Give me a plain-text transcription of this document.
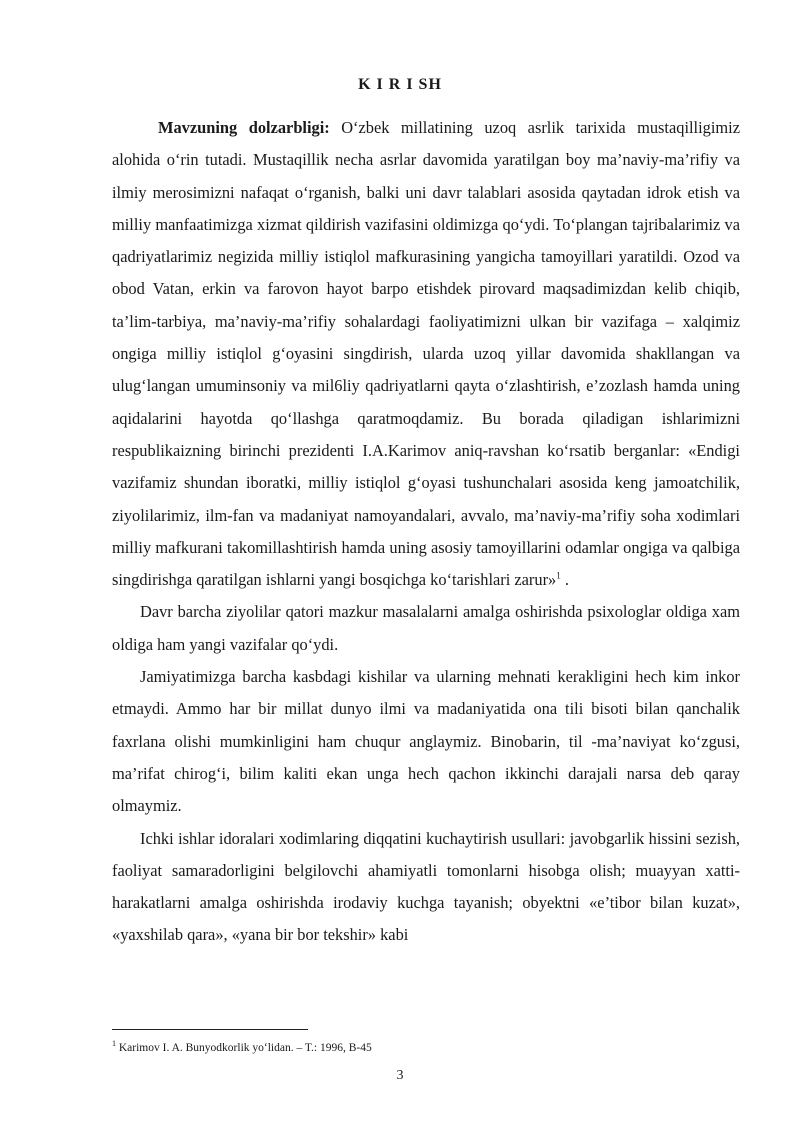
K I R I SH

Mavzuning dolzarbligi: O‘zbek millatining uzoq asrlik tarixida mustaqilligimiz alohida o‘rin tutadi. Mustaqillik necha asrlar davomida yaratilgan boy ma’naviy-ma’rifiy va ilmiy merosimizni nafaqat o‘rganish, balki uni davr talablari asosida qaytadan idrok etish va milliy manfaatimizga xizmat qildirish vazifasini oldimizga qo‘ydi. To‘plangan tajribalarimiz va qadriyatlarimiz negizida milliy istiqlol mafkurasining yangicha tamoyillari yaratildi. Ozod va obod Vatan, erkin va farovon hayot barpo etishdek pirovard maqsadimizdan kelib chiqib, ta’lim-tarbiya, ma’naviy-ma’rifiy sohalardagi faoliyatimizni ulkan bir vazifaga – xalqimiz ongiga milliy istiqlol g‘oyasini singdirish, ularda uzoq yillar davomida shakllangan va ulug‘langan umuminsoniy va mil6liy qadriyatlarni qayta o‘zlashtirish, e’zozlash hamda uning aqidalarini hayotda qo‘llashga qaratmoqdamiz. Bu borada qiladigan ishlarimizni respublikaizning birinchi prezidenti I.A.Karimov aniq-ravshan ko‘rsatib berganlar: «Endigi vazifamiz shundan iboratki, milliy istiqlol g‘oyasi tushunchalari asosida keng jamoatchilik, ziyolilarimiz, ilm-fan va madaniyat namoyandalari, avvalo, ma’naviy-ma’rifiy soha xodimlari milliy mafkurani takomillashtirish hamda uning asosiy tamoyillarini odamlar ongiga va qalbiga singdirishga qaratilgan ishlarni yangi bosqichga ko‘tarishlari zarur»$^1$ .

Davr barcha ziyolilar qatori mazkur masalalarni amalga oshirishda psixologlar oldiga xam oldiga ham yangi vazifalar qo‘ydi.

Jamiyatimizga barcha kasbdagi kishilar va ularning mehnati kerakligini hech kim inkor etmaydi. Ammo har bir millat dunyo ilmi va madaniyatida ona tili bisoti bilan qanchalik faxrlana olishi mumkinligini ham chuqur anglaymiz. Binobarin, til -ma’naviyat ko‘zgusi, ma’rifat chirog‘i, bilim kaliti ekan unga hech qachon ikkinchi darajali narsa deb qaray olmaymiz.

Ichki ishlar idoralari xodimlaring diqqatini kuchaytirish usullari: javobgarlik hissini sezish, faoliyat samaradorligini belgilovchi ahamiyatli tomonlarni hisobga olish; muayyan xatti-harakatlarni amalga oshirishda irodaviy kuchga tayanish; obyektni «e’tibor bilan kuzat», «yaxshilab qara», «yana bir bor tekshir» kabi

$^1$ Karimov I. A. Bunyodkorlik yo‘lidan. – T.: 1996, B-45
3
